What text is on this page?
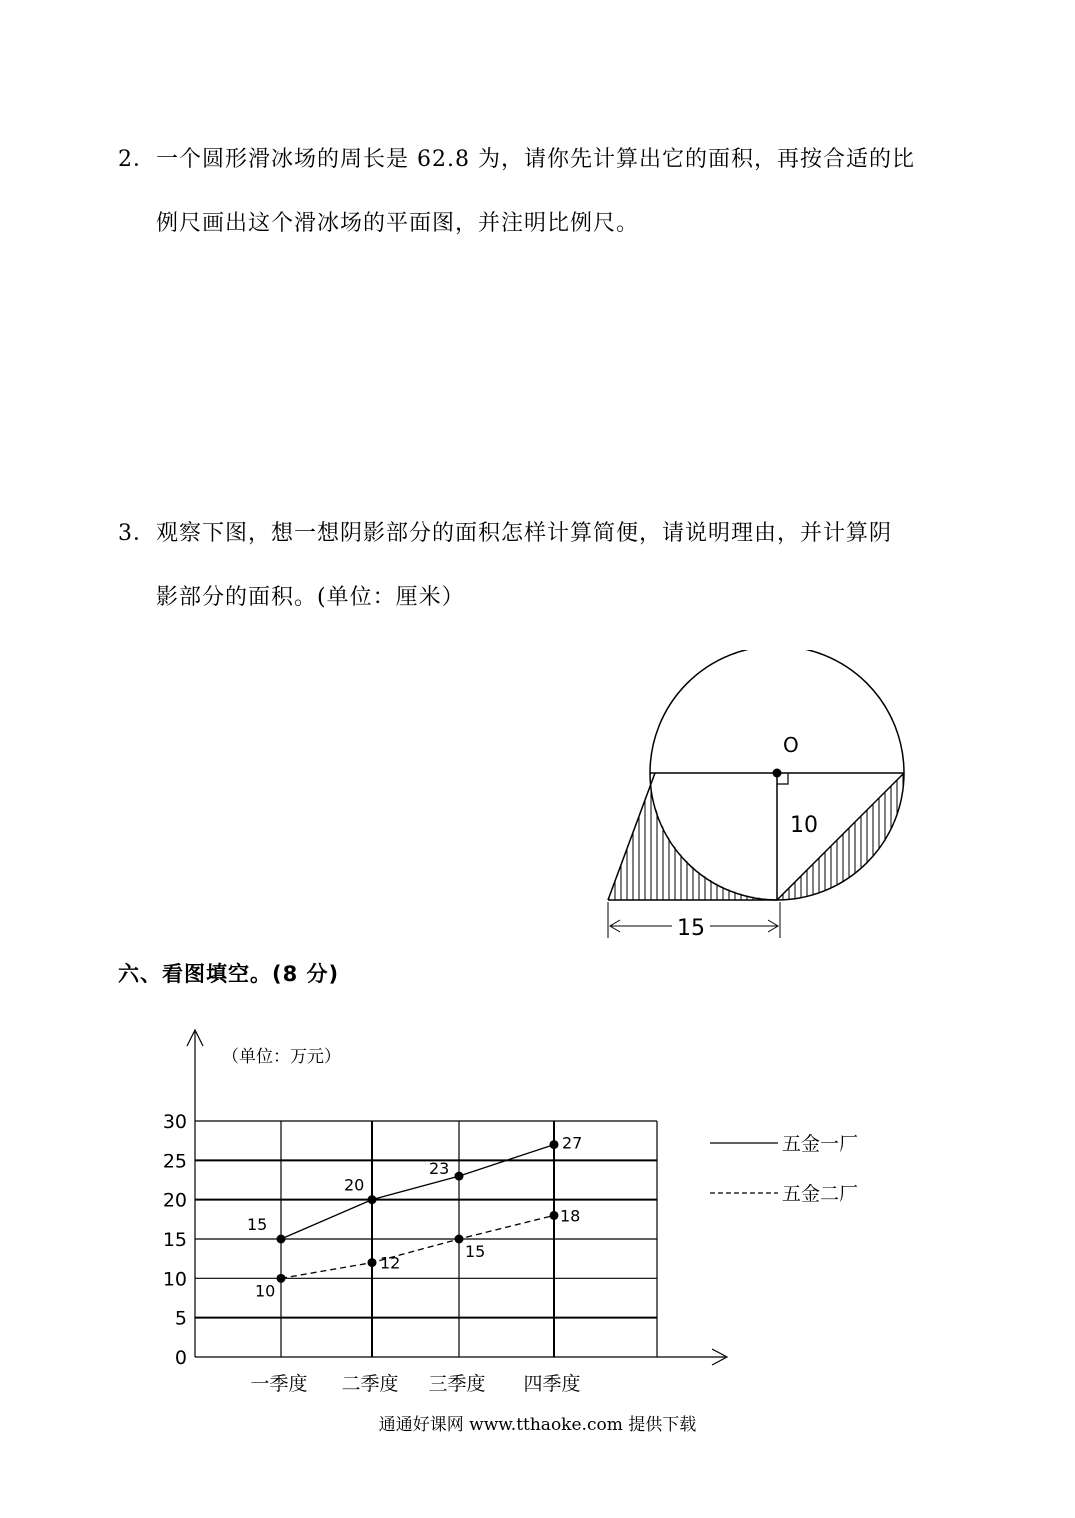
2．一个圆形滑冰场的周长是 62.8 为，请你先计算出它的面积，再按合适的比
例尺画出这个滑冰场的平面图，并注明比例尺。
3．观察下图，想一想阴影部分的面积怎样计算简便，请说明理由，并计算阴
影部分的面积。(单位：厘米）
O
10
15
六、看图填空。(8 分)
（单位：万元）
0
5
10
15
20
25
30
一季度 二季度 三季度 四季度
15
20
23
27
10
12
15
18
五金一厂
五金二厂
通通好课网 www.tthaoke.com 提供下载
